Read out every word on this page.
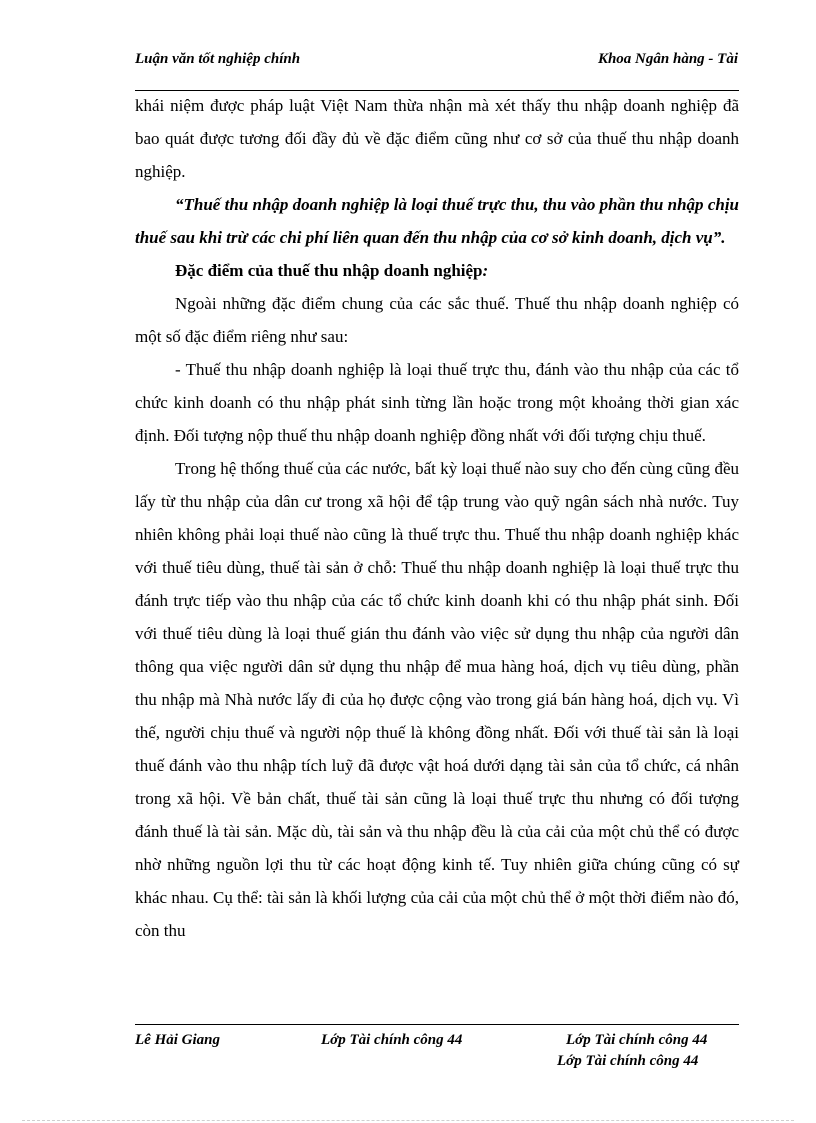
Luận văn tốt nghiệp chính	Khoa Ngân hàng - Tài

khái niệm được pháp luật Việt Nam thừa nhận mà xét thấy thu nhập doanh nghiệp đã bao quát được tương đối đầy đủ về đặc điểm cũng như cơ sở của thuế thu nhập doanh nghiệp.

“Thuế thu nhập doanh nghiệp là loại thuế trực thu, thu vào phần thu nhập chịu thuế sau khi trừ các chi phí liên quan đến thu nhập của cơ sở kinh doanh, dịch vụ”.

Đặc điểm của thuế thu nhập doanh nghiệp:

Ngoài những đặc điểm chung của các sắc thuế. Thuế thu nhập doanh nghiệp có một số đặc điểm riêng như sau:

- Thuế thu nhập doanh nghiệp là loại thuế trực thu, đánh vào thu nhập của các tổ chức kinh doanh có thu nhập phát sinh từng lần hoặc trong một khoảng thời gian xác định. Đối tượng nộp thuế thu nhập doanh nghiệp đồng nhất với đối tượng chịu thuế.

Trong hệ thống thuế của các nước, bất kỳ loại thuế nào suy cho đến cùng cũng đều lấy từ thu nhập của dân cư trong xã hội để tập trung vào quỹ ngân sách nhà nước. Tuy nhiên không phải loại thuế nào cũng là thuế trực thu. Thuế thu nhập doanh nghiệp khác với thuế tiêu dùng, thuế tài sản ở chỗ: Thuế thu nhập doanh nghiệp là loại thuế trực thu đánh trực tiếp vào thu nhập của các tổ chức kinh doanh khi có thu nhập phát sinh. Đối với thuế tiêu dùng là loại thuế gián thu đánh vào việc sử dụng thu nhập của người dân thông qua việc người dân sử dụng thu nhập để mua hàng hoá, dịch vụ tiêu dùng, phần thu nhập mà Nhà nước lấy đi của họ được cộng vào trong giá bán hàng hoá, dịch vụ. Vì thế, người chịu thuế và người nộp thuế là không đồng nhất. Đối với thuế tài sản là loại thuế đánh vào thu nhập tích luỹ đã được vật hoá dưới dạng tài sản của tổ chức, cá nhân trong xã hội. Về bản chất, thuế tài sản cũng là loại thuế trực thu nhưng có đối tượng đánh thuế là tài sản. Mặc dù, tài sản và thu nhập đều là của cải của một chủ thể có được nhờ những nguồn lợi thu từ các hoạt động kinh tế. Tuy nhiên giữa chúng cũng có sự khác nhau. Cụ thể: tài sản là khối lượng của cải của một chủ thể ở một thời điểm nào đó, còn thu

Lê Hải Giang	Lớp Tài chính công 44	Lớp Tài chính công 44
Lớp Tài chính công 44
